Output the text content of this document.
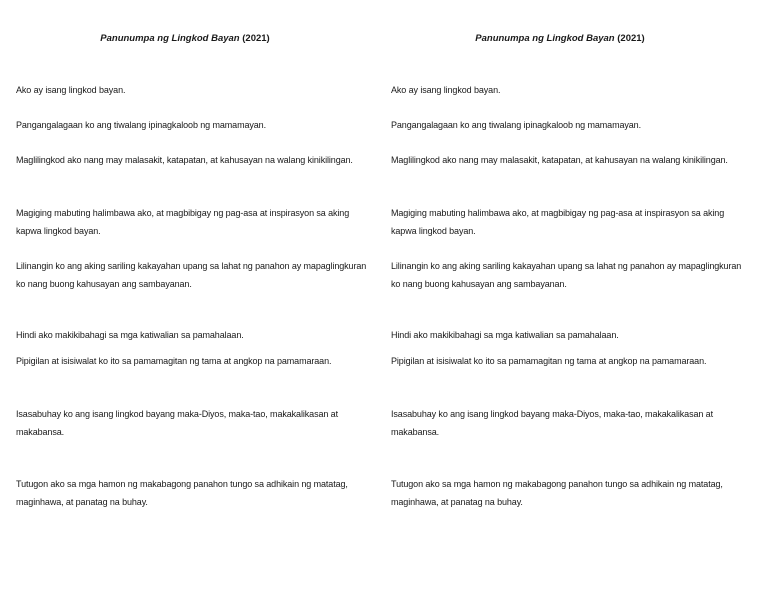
Panunumpa ng Lingkod Bayan (2021)

Ako ay isang lingkod bayan.

Pangangalagaan ko ang tiwalang ipinagkaloob ng mamamayan.

Maglilingkod ako nang may malasakit, katapatan, at kahusayan na walang kinikilingan.

Magiging mabuting halimbawa ako, at magbibigay ng pag-asa at inspirasyon sa aking kapwa lingkod bayan.

Lilinangin ko ang aking sariling kakayahan upang sa lahat ng panahon ay mapaglingkuran ko nang buong kahusayan ang sambayanan.

Hindi ako makikibahagi sa mga katiwalian sa pamahalaan.

Pipigilan at isisiwalat ko ito sa pamamagitan ng tama at angkop na pamamaraan.

Isasabuhay ko ang isang lingkod bayang maka-Diyos, maka-tao, makakalikasan at makabansa.

Tutugon ako sa mga hamon ng makabagong panahon tungo sa adhikain ng matatag, maginhawa, at panatag na buhay.

Panunumpa ng Lingkod Bayan (2021)

Ako ay isang lingkod bayan.

Pangangalagaan ko ang tiwalang ipinagkaloob ng mamamayan.

Maglilingkod ako nang may malasakit, katapatan, at kahusayan na walang kinikilingan.

Magiging mabuting halimbawa ako, at magbibigay ng pag-asa at inspirasyon sa aking kapwa lingkod bayan.

Lilinangin ko ang aking sariling kakayahan upang sa lahat ng panahon ay mapaglingkuran ko nang buong kahusayan ang sambayanan.

Hindi ako makikibahagi sa mga katiwalian sa pamahalaan.

Pipigilan at isisiwalat ko ito sa pamamagitan ng tama at angkop na pamamaraan.

Isasabuhay ko ang isang lingkod bayang maka-Diyos, maka-tao, makakalikasan at makabansa.

Tutugon ako sa mga hamon ng makabagong panahon tungo sa adhikain ng matatag, maginhawa, at panatag na buhay.
